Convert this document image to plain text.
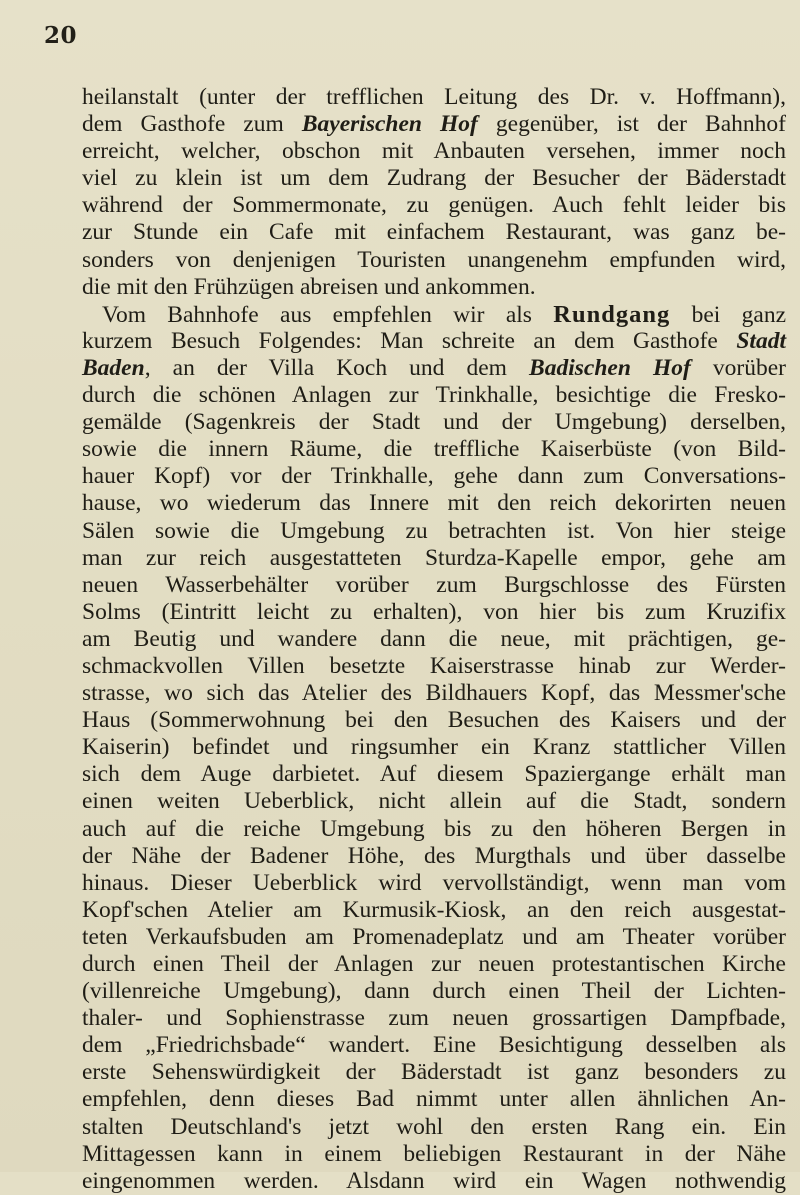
20
heilanstalt (unter der trefflichen Leitung des Dr. v. Hoffmann),
dem Gasthofe zum Bayerischen Hof gegenüber, ist der Bahnhof
erreicht, welcher, obschon mit Anbauten versehen, immer noch
viel zu klein ist um dem Zudrang der Besucher der Bäderstadt
während der Sommermonate, zu genügen. Auch fehlt leider bis
zur Stunde ein Cafe mit einfachem Restaurant, was ganz be-
sonders von denjenigen Touristen unangenehm empfunden wird,
die mit den Frühzügen abreisen und ankommen.
Vom Bahnhofe aus empfehlen wir als Rundgang bei ganz
kurzem Besuch Folgendes: Man schreite an dem Gasthofe Stadt
Baden, an der Villa Koch und dem Badischen Hof vorüber
durch die schönen Anlagen zur Trinkhalle, besichtige die Fresko-
gemälde (Sagenkreis der Stadt und der Umgebung) derselben,
sowie die innern Räume, die treffliche Kaiserbüste (von Bild-
hauer Kopf) vor der Trinkhalle, gehe dann zum Conversations-
hause, wo wiederum das Innere mit den reich dekorirten neuen
Sälen sowie die Umgebung zu betrachten ist. Von hier steige
man zur reich ausgestatteten Sturdza-Kapelle empor, gehe am
neuen Wasserbehälter vorüber zum Burgschlosse des Fürsten
Solms (Eintritt leicht zu erhalten), von hier bis zum Kruzifix
am Beutig und wandere dann die neue, mit prächtigen, ge-
schmackvollen Villen besetzte Kaiserstrasse hinab zur Werder-
strasse, wo sich das Atelier des Bildhauers Kopf, das Messmer'sche
Haus (Sommerwohnung bei den Besuchen des Kaisers und der
Kaiserin) befindet und ringsumher ein Kranz stattlicher Villen
sich dem Auge darbietet. Auf diesem Spaziergange erhält man
einen weiten Ueberblick, nicht allein auf die Stadt, sondern
auch auf die reiche Umgebung bis zu den höheren Bergen in
der Nähe der Badener Höhe, des Murgthals und über dasselbe
hinaus. Dieser Ueberblick wird vervollständigt, wenn man vom
Kopf'schen Atelier am Kurmusik-Kiosk, an den reich ausgestat-
teten Verkaufsbuden am Promenadeplatz und am Theater vorüber
durch einen Theil der Anlagen zur neuen protestantischen Kirche
(villenreiche Umgebung), dann durch einen Theil der Lichten-
thaler- und Sophienstrasse zum neuen grossartigen Dampfbade,
dem „Friedrichsbade“ wandert. Eine Besichtigung desselben als
erste Sehenswürdigkeit der Bäderstadt ist ganz besonders zu
empfehlen, denn dieses Bad nimmt unter allen ähnlichen An-
stalten Deutschland's jetzt wohl den ersten Rang ein. Ein
Mittagessen kann in einem beliebigen Restaurant in der Nähe
eingenommen werden. Alsdann wird ein Wagen nothwendig
